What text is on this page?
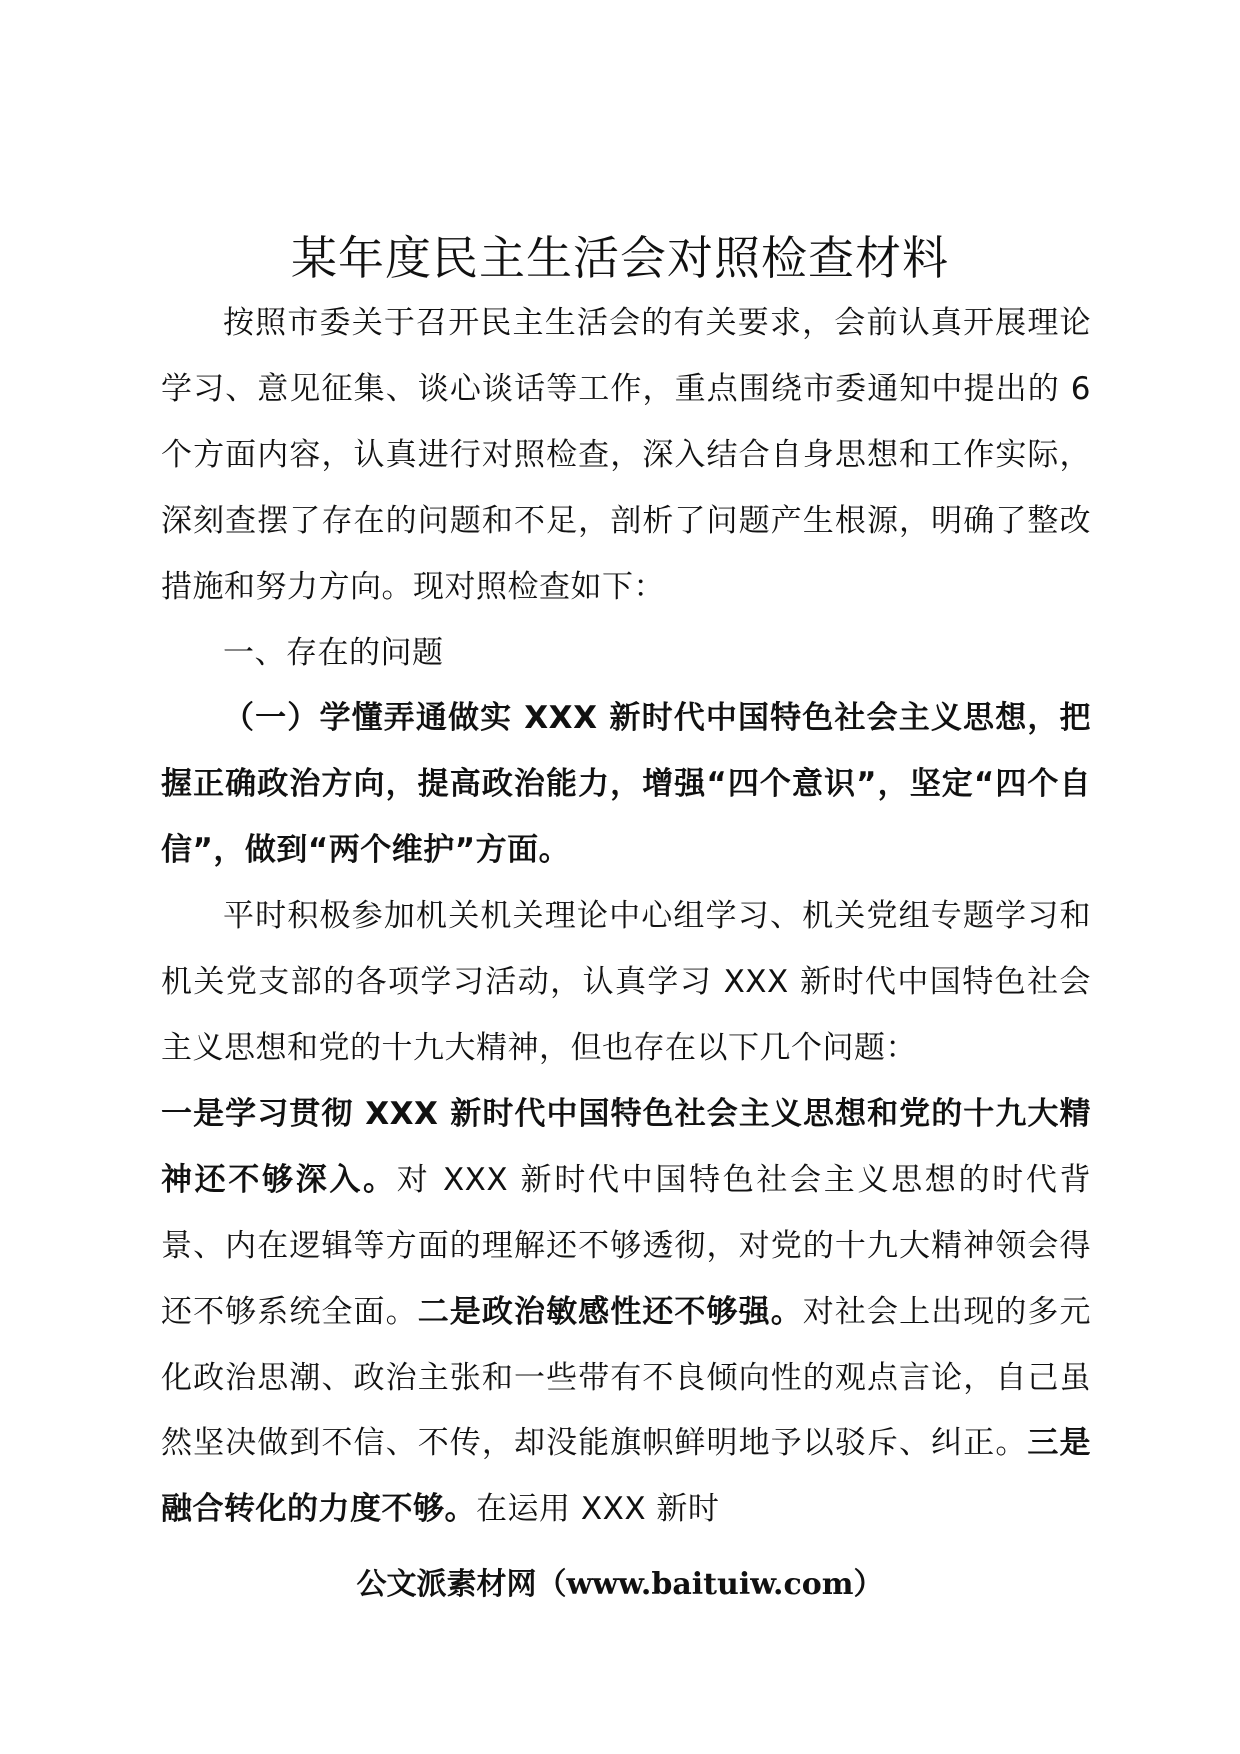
某年度民主生活会对照检查材料

按照市委关于召开民主生活会的有关要求，会前认真开展理论学习、意见征集、谈心谈话等工作，重点围绕市委通知中提出的 6 个方面内容，认真进行对照检查，深入结合自身思想和工作实际，深刻查摆了存在的问题和不足，剖析了问题产生根源，明确了整改措施和努力方向。现对照检查如下：

一、存在的问题

（一）学懂弄通做实 XXX 新时代中国特色社会主义思想，把握正确政治方向，提高政治能力，增强“四个意识”，坚定“四个自信”，做到“两个维护”方面。

平时积极参加机关机关理论中心组学习、机关党组专题学习和机关党支部的各项学习活动，认真学习 XXX 新时代中国特色社会主义思想和党的十九大精神，但也存在以下几个问题：

一是学习贯彻 XXX 新时代中国特色社会主义思想和党的十九大精神还不够深入。对 XXX 新时代中国特色社会主义思想的时代背景、内在逻辑等方面的理解还不够透彻，对党的十九大精神领会得还不够系统全面。二是政治敏感性还不够强。对社会上出现的多元化政治思潮、政治主张和一些带有不良倾向性的观点言论，自己虽然坚决做到不信、不传，却没能旗帜鲜明地予以驳斥、纠正。三是融合转化的力度不够。在运用 XXX 新时

公文派素材网（www.baituiw.com）
